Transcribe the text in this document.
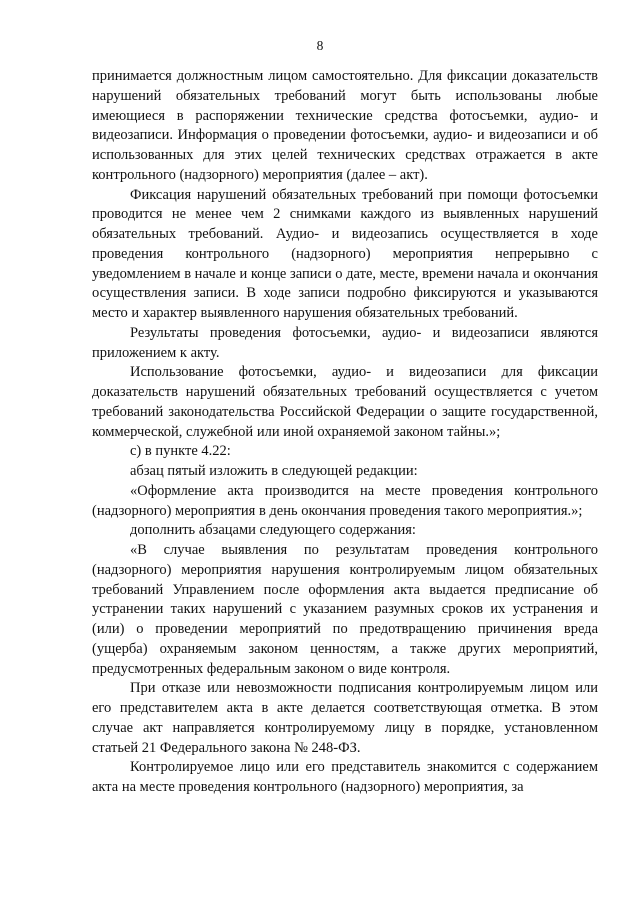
8

принимается должностным лицом самостоятельно. Для фиксации доказательств нарушений обязательных требований могут быть использованы любые имеющиеся в распоряжении технические средства фотосъемки, аудио- и видеозаписи. Информация о проведении фотосъемки, аудио- и видеозаписи и об использованных для этих целей технических средствах отражается в акте контрольного (надзорного) мероприятия (далее – акт).

Фиксация нарушений обязательных требований при помощи фотосъемки проводится не менее чем 2 снимками каждого из выявленных нарушений обязательных требований. Аудио- и видеозапись осуществляется в ходе проведения контрольного (надзорного) мероприятия непрерывно с уведомлением в начале и конце записи о дате, месте, времени начала и окончания осуществления записи. В ходе записи подробно фиксируются и указываются место и характер выявленного нарушения обязательных требований.

Результаты проведения фотосъемки, аудио- и видеозаписи являются приложением к акту.

Использование фотосъемки, аудио- и видеозаписи для фиксации доказательств нарушений обязательных требований осуществляется с учетом требований законодательства Российской Федерации о защите государственной, коммерческой, служебной или иной охраняемой законом тайны.»;

с) в пункте 4.22:

абзац пятый изложить в следующей редакции:

«Оформление акта производится на месте проведения контрольного (надзорного) мероприятия в день окончания проведения такого мероприятия.»;

дополнить абзацами следующего содержания:

«В случае выявления по результатам проведения контрольного (надзорного) мероприятия нарушения контролируемым лицом обязательных требований Управлением после оформления акта выдается предписание об устранении таких нарушений с указанием разумных сроков их устранения и (или) о проведении мероприятий по предотвращению причинения вреда (ущерба) охраняемым законом ценностям, а также других мероприятий, предусмотренных федеральным законом о виде контроля.

При отказе или невозможности подписания контролируемым лицом или его представителем акта в акте делается соответствующая отметка. В этом случае акт направляется контролируемому лицу в порядке, установленном статьей 21 Федерального закона № 248-ФЗ.

Контролируемое лицо или его представитель знакомится с содержанием акта на месте проведения контрольного (надзорного) мероприятия, за
